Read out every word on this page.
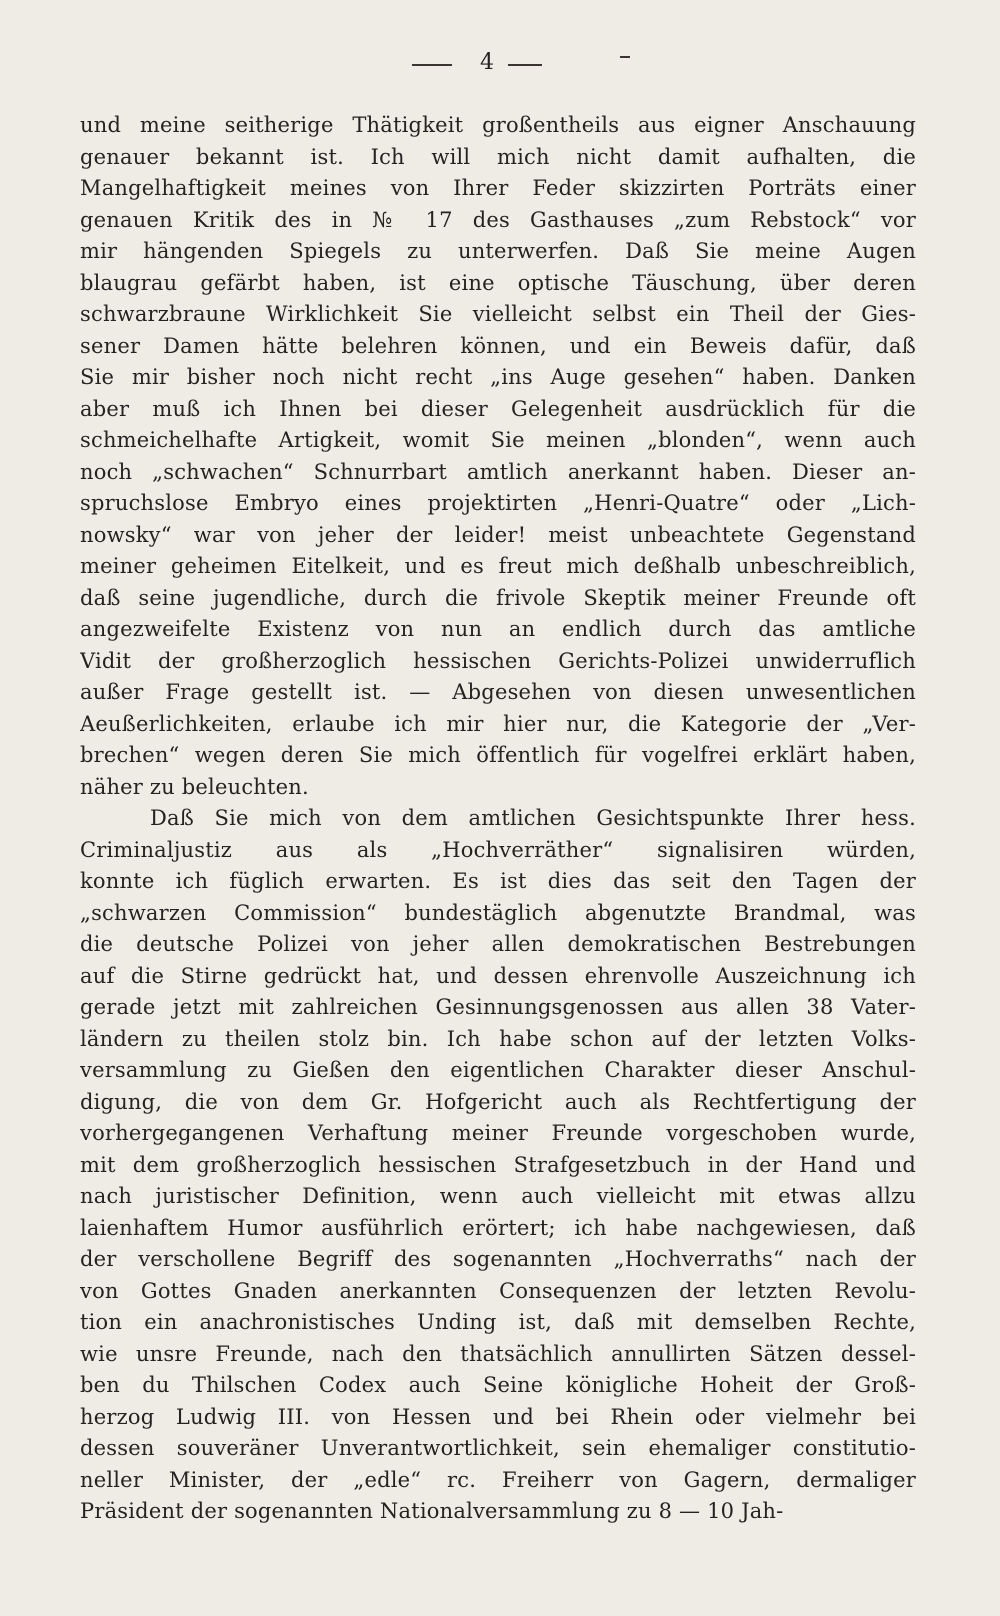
4

und meine seitherige Thätigkeit großentheils aus eigner Anschauung
genauer bekannt ist. Ich will mich nicht damit aufhalten, die
Mangelhaftigkeit meines von Ihrer Feder skizzirten Porträts einer
genauen Kritik des in № 17 des Gasthauses „zum Rebstock“ vor
mir hängenden Spiegels zu unterwerfen. Daß Sie meine Augen
blaugrau gefärbt haben, ist eine optische Täuschung, über deren
schwarzbraune Wirklichkeit Sie vielleicht selbst ein Theil der Gies-
sener Damen hätte belehren können, und ein Beweis dafür, daß
Sie mir bisher noch nicht recht „ins Auge gesehen“ haben. Danken
aber muß ich Ihnen bei dieser Gelegenheit ausdrücklich für die
schmeichelhafte Artigkeit, womit Sie meinen „blonden“, wenn auch
noch „schwachen“ Schnurrbart amtlich anerkannt haben. Dieser an-
spruchslose Embryo eines projektirten „Henri-Quatre“ oder „Lich-
nowsky“ war von jeher der leider! meist unbeachtete Gegenstand
meiner geheimen Eitelkeit, und es freut mich deßhalb unbeschreiblich,
daß seine jugendliche, durch die frivole Skeptik meiner Freunde oft
angezweifelte Existenz von nun an endlich durch das amtliche
Vidit der großherzoglich hessischen Gerichts-Polizei unwiderruflich
außer Frage gestellt ist. — Abgesehen von diesen unwesentlichen
Aeußerlichkeiten, erlaube ich mir hier nur, die Kategorie der „Ver-
brechen“ wegen deren Sie mich öffentlich für vogelfrei erklärt haben,
näher zu beleuchten.

Daß Sie mich von dem amtlichen Gesichtspunkte Ihrer hess.
Criminaljustiz aus als „Hochverräther“ signalisiren würden,
konnte ich füglich erwarten. Es ist dies das seit den Tagen der
„schwarzen Commission“ bundestäglich abgenutzte Brandmal, was
die deutsche Polizei von jeher allen demokratischen Bestrebungen
auf die Stirne gedrückt hat, und dessen ehrenvolle Auszeichnung ich
gerade jetzt mit zahlreichen Gesinnungsgenossen aus allen 38 Vater-
ländern zu theilen stolz bin. Ich habe schon auf der letzten Volks-
versammlung zu Gießen den eigentlichen Charakter dieser Anschul-
digung, die von dem Gr. Hofgericht auch als Rechtfertigung der
vorhergegangenen Verhaftung meiner Freunde vorgeschoben wurde,
mit dem großherzoglich hessischen Strafgesetzbuch in der Hand und
nach juristischer Definition, wenn auch vielleicht mit etwas allzu
laienhaftem Humor ausführlich erörtert; ich habe nachgewiesen, daß
der verschollene Begriff des sogenannten „Hochverraths“ nach der
von Gottes Gnaden anerkannten Consequenzen der letzten Revolu-
tion ein anachronistisches Unding ist, daß mit demselben Rechte,
wie unsre Freunde, nach den thatsächlich annullirten Sätzen dessel-
ben du Thilschen Codex auch Seine königliche Hoheit der Groß-
herzog Ludwig III. von Hessen und bei Rhein oder vielmehr bei
dessen souveräner Unverantwortlichkeit, sein ehemaliger constitutio-
neller Minister, der „edle“ rc. Freiherr von Gagern, dermaliger
Präsident der sogenannten Nationalversammlung zu 8 — 10 Jah-
